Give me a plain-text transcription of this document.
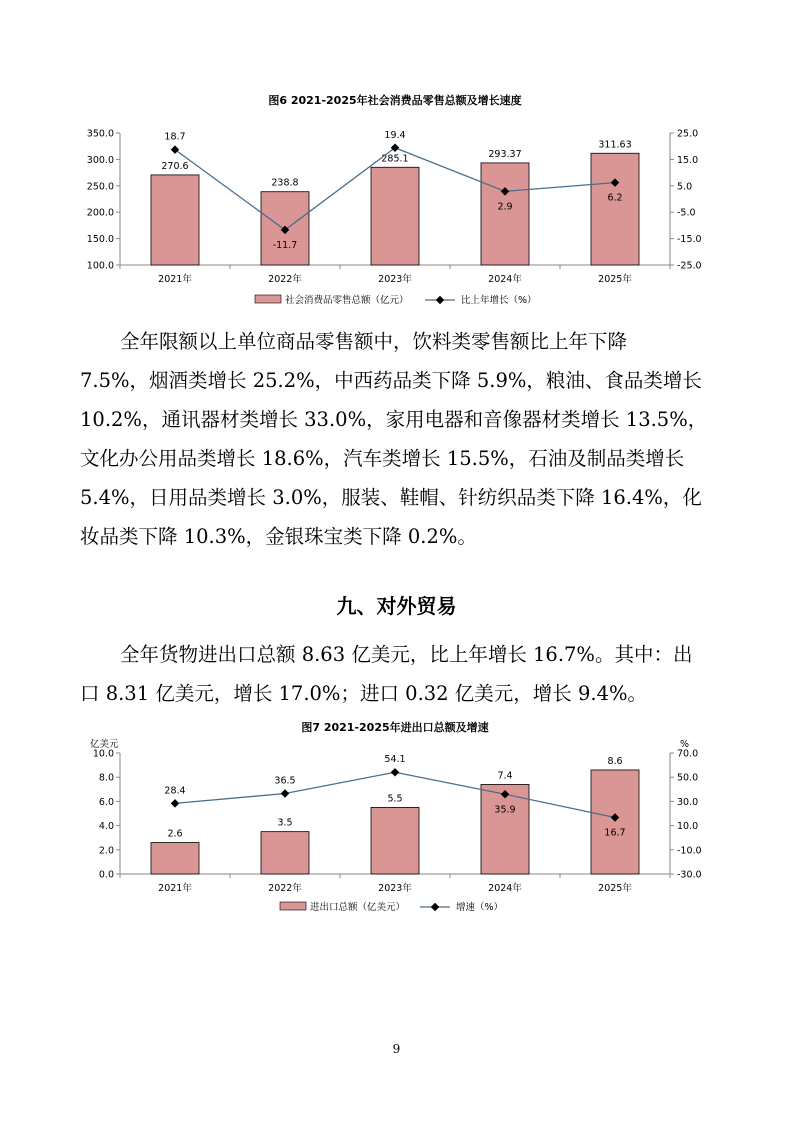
图6 2021-2025年社会消费品零售总额及增长速度
100.0
150.0
200.0
250.0
300.0
350.0
-25.0
-15.0
-5.0
5.0
15.0
25.0
2021年	2022年	2023年	2024年	2025年
270.6
238.8
285.1	293.37
311.63
18.7
-11.7
19.4
2.9
6.2
社会消费品零售总额（亿元）	比上年增长（%）
图7 2021-2025年进出口总额及增速
亿美元	%
0.0
2.0
4.0
6.0
8.0
10.0
-30.0
-10.0
10.0
30.0
50.0
70.0
2021年	2022年	2023年	2024年	2025年
2.6
3.5
5.5
7.4
8.6
28.4
36.5
54.1
35.9
16.7
进出口总额（亿美元）	增速（%）
全年限额以上单位商品零售额中，饮料类零售额比上年下降
7.5%，烟酒类增长 25.2%，中西药品类下降 5.9%，粮油、食品类增长
10.2%，通讯器材类增长 33.0%，家用电器和音像器材类增长 13.5%，
文化办公用品类增长 18.6%，汽车类增长 15.5%，石油及制品类增长
5.4%，日用品类增长 3.0%，服装、鞋帽、针纺织品类下降 16.4%，化
妆品类下降 10.3%，金银珠宝类下降 0.2%。
九、对外贸易
全年货物进出口总额 8.63 亿美元，比上年增长 16.7%。其中：出
口 8.31 亿美元，增长 17.0%；进口 0.32 亿美元，增长 9.4%。
9
